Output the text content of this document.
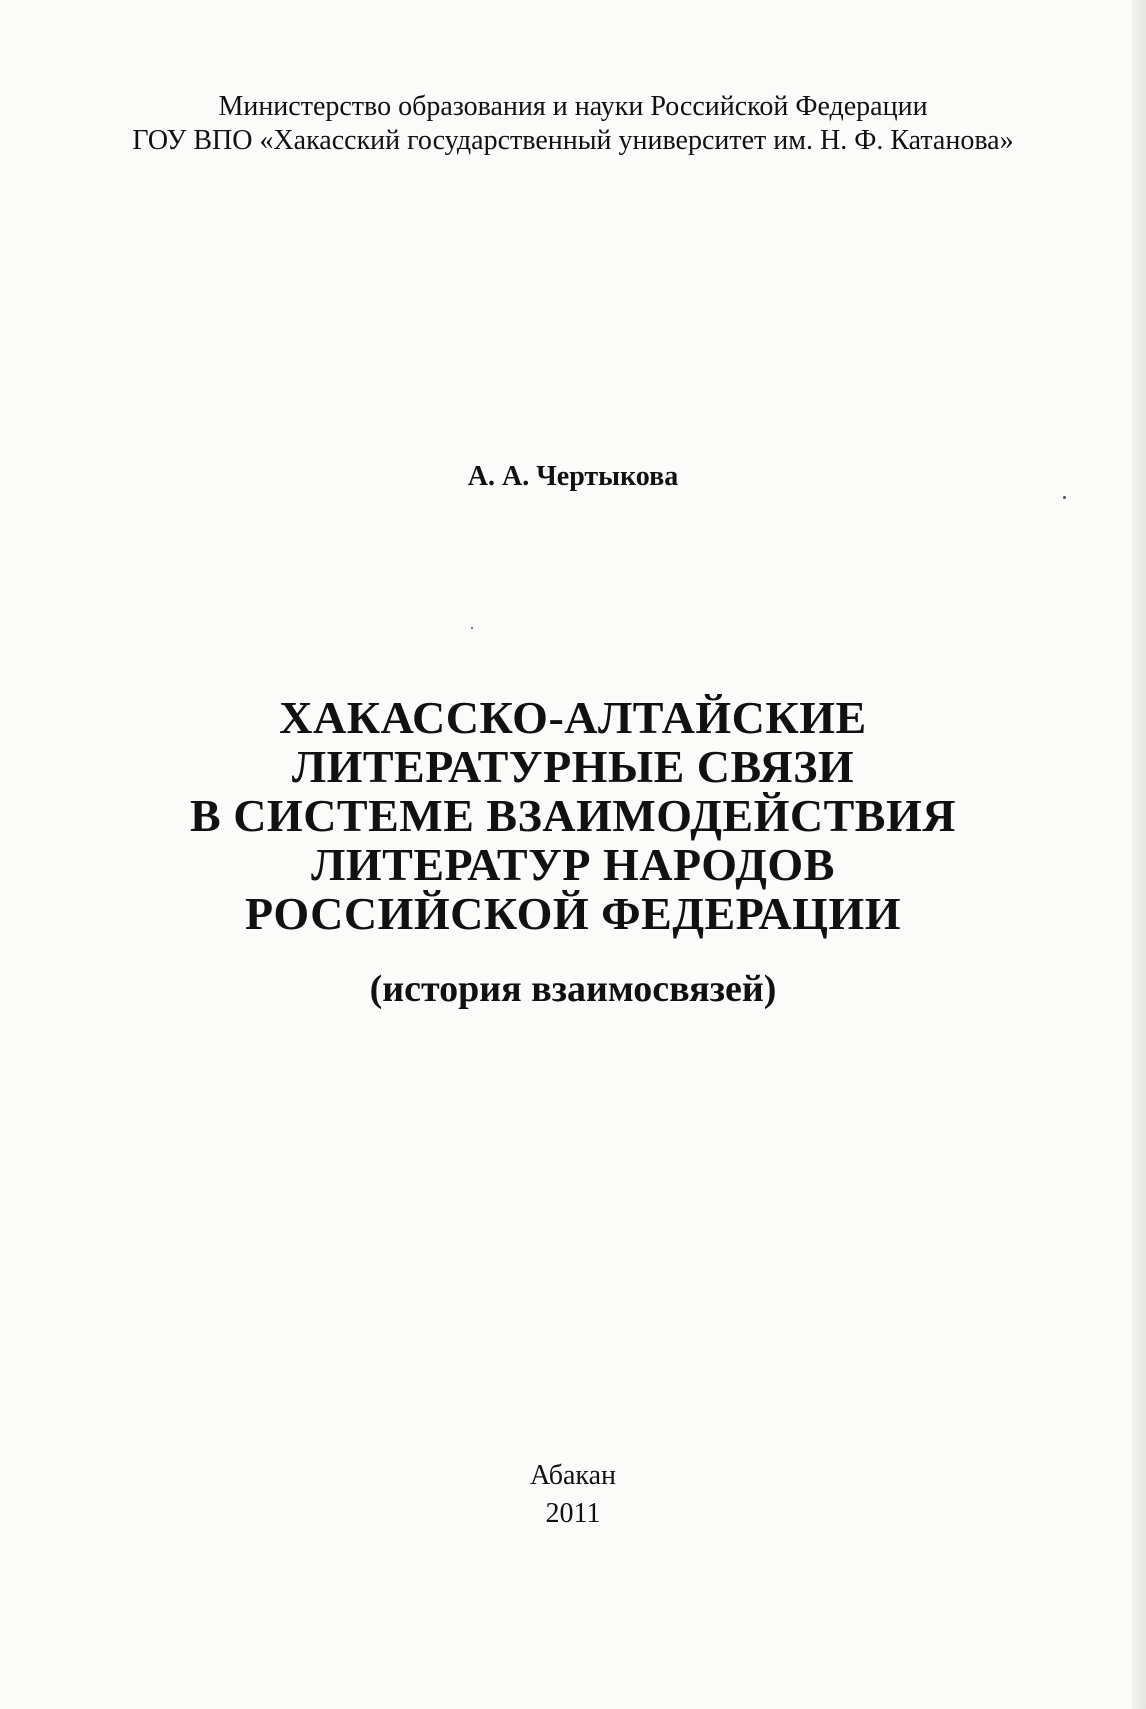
Министерство образования и науки Российской Федерации
ГОУ ВПО «Хакасский государственный университет им. Н. Ф. Катанова»
А. А. Чертыкова
ХАКАССКО-АЛТАЙСКИЕ
ЛИТЕРАТУРНЫЕ СВЯЗИ
В СИСТЕМЕ ВЗАИМОДЕЙСТВИЯ
ЛИТЕРАТУР НАРОДОВ
РОССИЙСКОЙ ФЕДЕРАЦИИ
(история взаимосвязей)
Абакан
2011
